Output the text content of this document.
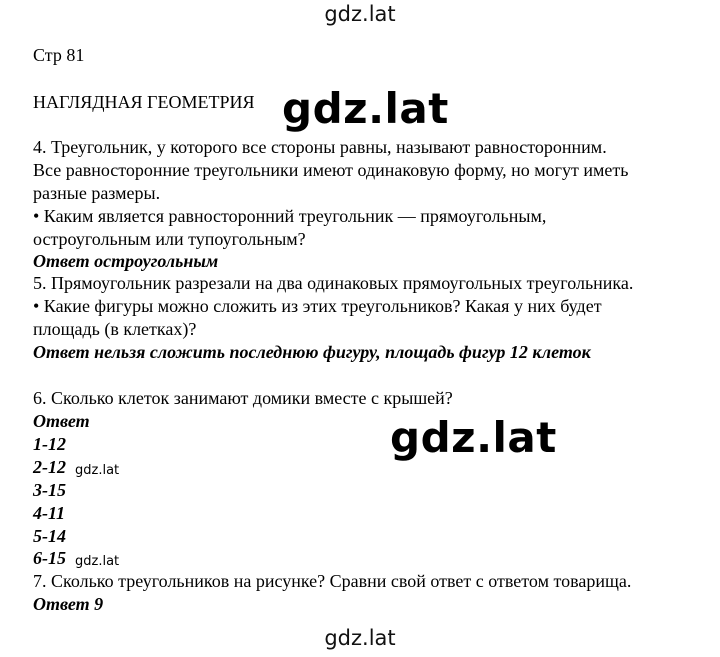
gdz.lat
Стр 81
НАГЛЯДНАЯ ГЕОМЕТРИЯ gdz.lat
4. Треугольник, у которого все стороны равны, называют равносторонним.
Все равносторонние треугольники имеют одинаковую форму, но могут иметь
разные размеры.
• Каким является равносторонний треугольник — прямоугольным,
остроугольным или тупоугольным?
Ответ остроугольным
5. Прямоугольник разрезали на два одинаковых прямоугольных треугольника.
• Какие фигуры можно сложить из этих треугольников? Какая у них будет
площадь (в клетках)?
Ответ нельзя сложить последнюю фигуру, площадь фигур 12 клеток
6. Сколько клеток занимают домики вместе с крышей?
Ответ
1-12
2-12 gdz.lat
3-15
4-11
5-14
6-15 gdz.lat
gdz.lat
7. Сколько треугольников на рисунке? Сравни свой ответ с ответом товарища.
Ответ 9
gdz.lat
